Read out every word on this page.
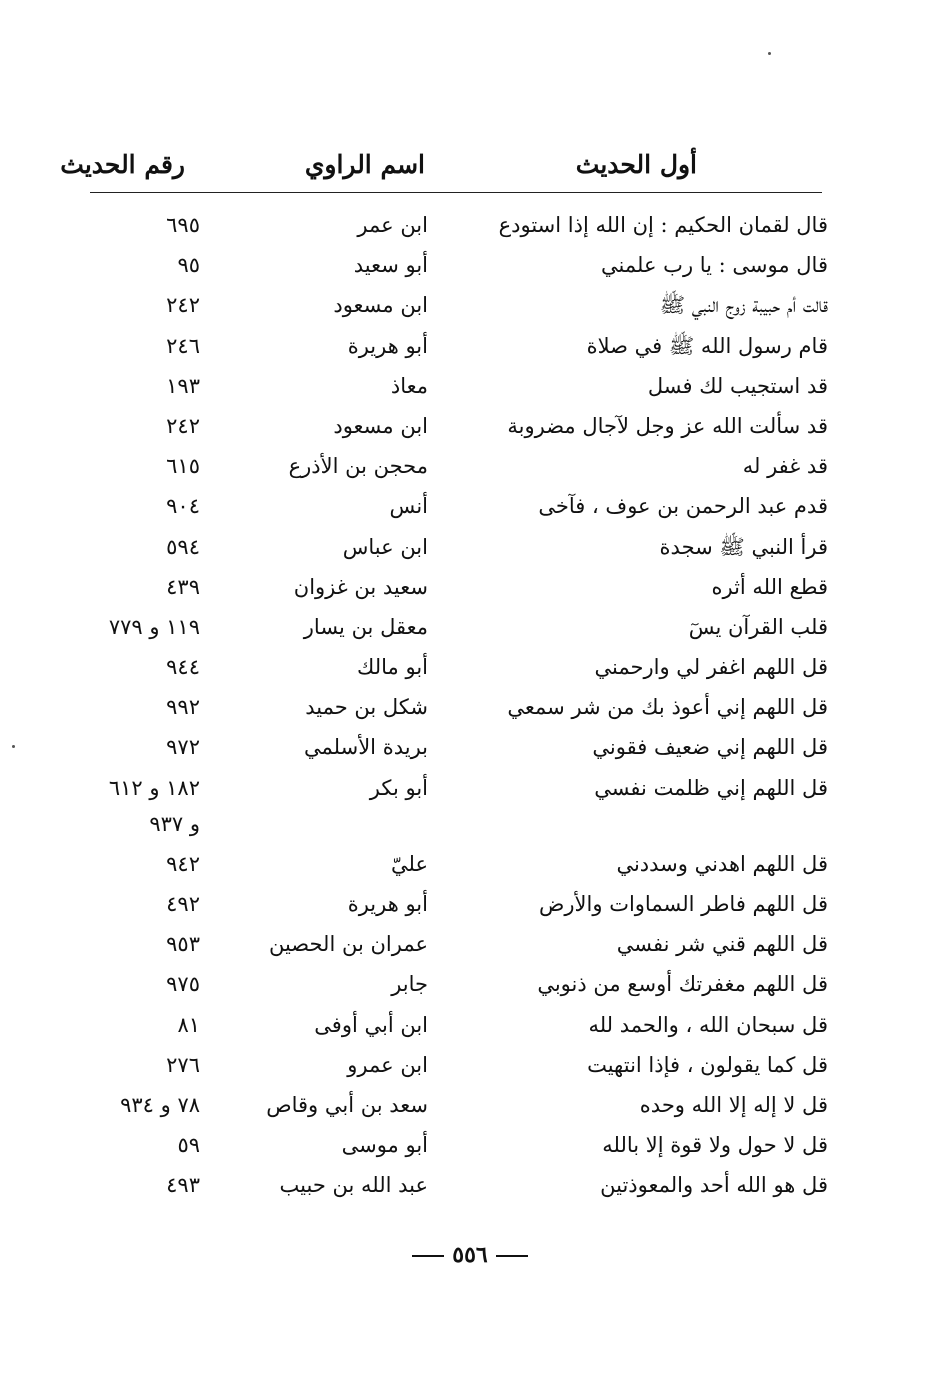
أول الحديث
اسم الراوي
رقم الحديث
قال لقمان الحكيم : إن الله إذا استودع
ابن عمر
٦٩٥
قال موسى : يا رب علمني
أبو سعيد
٩٥
قالت أم حبيبة زوج النبي ﷺ
ابن مسعود
٢٤٢
قام رسول الله ﷺ في صلاة
أبو هريرة
٢٤٦
قد استجيب لك فسل
معاذ
١٩٣
قد سألت الله عز وجل لآجال مضروبة
ابن مسعود
٢٤٢
قد غفر له
محجن بن الأذرع
٦١٥
قدم عبد الرحمن بن عوف ، فآخى
أنس
٩٠٤
قرأ النبي ﷺ سجدة
ابن عباس
٥٩٤
قطع الله أثره
سعيد بن غزوان
٤٣٩
قلب القرآن يسٓ
معقل بن يسار
١١٩ و ٧٧٩
قل اللهم اغفر لي وارحمني
أبو مالك
٩٤٤
قل اللهم إني أعوذ بك من شر سمعي
شكل بن حميد
٩٩٢
قل اللهم إني ضعيف فقوني
بريدة الأسلمي
٩٧٢
قل اللهم إني ظلمت نفسي
أبو بكر
١٨٢ و ٦١٢
و ٩٣٧
قل اللهم اهدني وسددني
عليّ
٩٤٢
قل اللهم فاطر السماوات والأرض
أبو هريرة
٤٩٢
قل اللهم قني شر نفسي
عمران بن الحصين
٩٥٣
قل اللهم مغفرتك أوسع من ذنوبي
جابر
٩٧٥
قل سبحان الله ، والحمد لله
ابن أبي أوفى
٨١
قل كما يقولون ، فإذا انتهيت
ابن عمرو
٢٧٦
قل لا إله إلا الله وحده
سعد بن أبي وقاص
٧٨ و ٩٣٤
قل لا حول ولا قوة إلا بالله
أبو موسى
٥٩
قل هو الله أحد والمعوذتين
عبد الله بن حبيب
٤٩٣
٥٥٦
